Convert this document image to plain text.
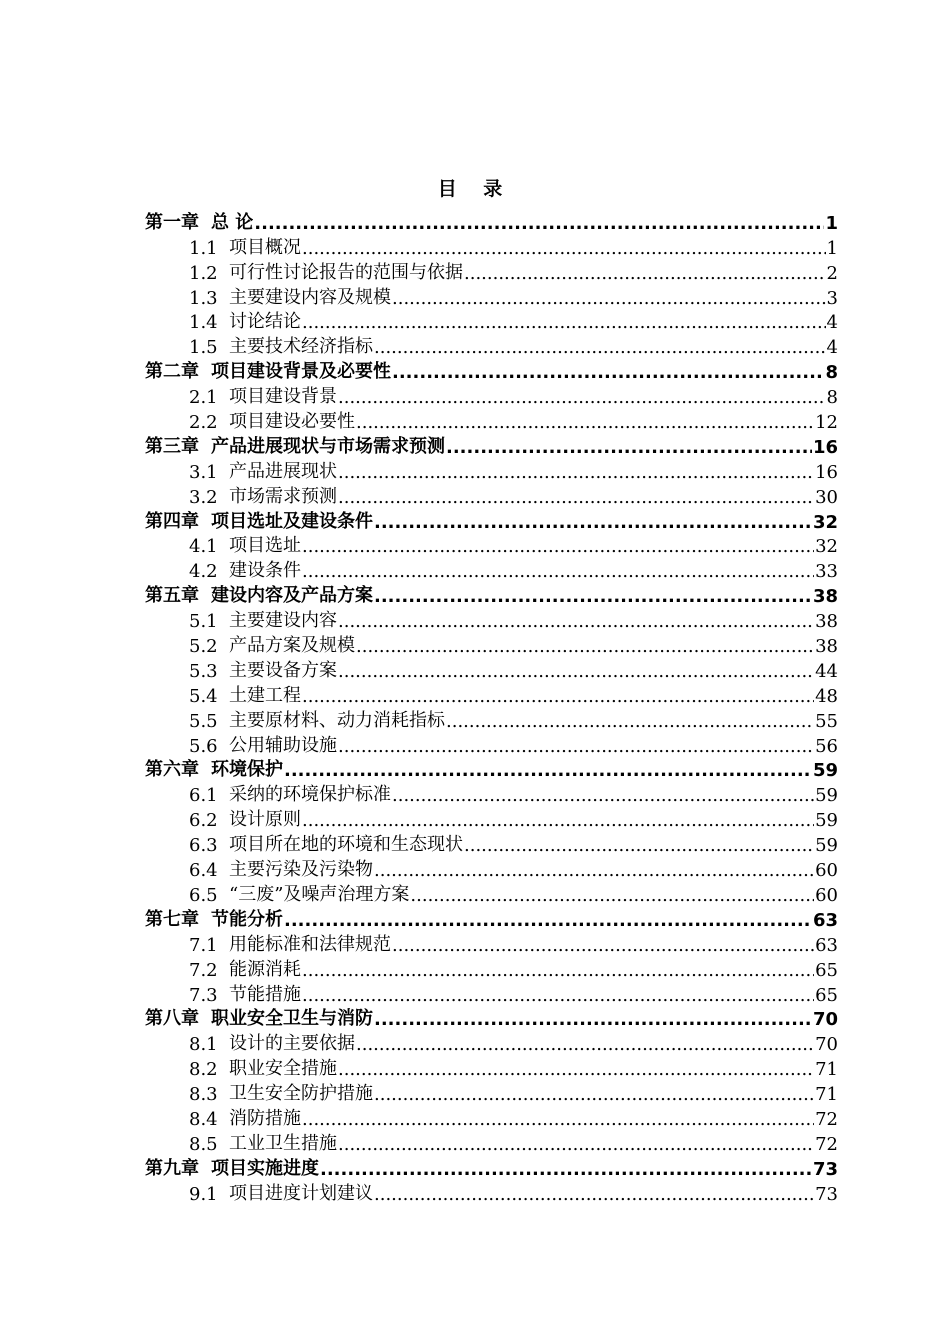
目 录
第一章 总 论 .....	1
1.1 项目概况 .....	1
1.2 可行性讨论报告的范围与依据 .....	2
1.3 主要建设内容及规模 .....	3
1.4 讨论结论 .....	4
1.5 主要技术经济指标 .....	4
第二章 项目建设背景及必要性 .....	8
2.1 项目建设背景 .....	8
2.2 项目建设必要性 .....	12
第三章 产品进展现状与市场需求预测 .....	16
3.1 产品进展现状 .....	16
3.2 市场需求预测 .....	30
第四章 项目选址及建设条件 .....	32
4.1 项目选址 .....	32
4.2 建设条件 .....	33
第五章 建设内容及产品方案 .....	38
5.1 主要建设内容 .....	38
5.2 产品方案及规模 .....	38
5.3 主要设备方案 .....	44
5.4 土建工程 .....	48
5.5 主要原材料、动力消耗指标 .....	55
5.6 公用辅助设施 .....	56
第六章 环境保护 .....	59
6.1 采纳的环境保护标准 .....	59
6.2 设计原则 .....	59
6.3 项目所在地的环境和生态现状 .....	59
6.4 主要污染及污染物 .....	60
6.5 “三废”及噪声治理方案 .....	60
第七章 节能分析 .....	63
7.1 用能标准和法律规范 .....	63
7.2 能源消耗 .....	65
7.3 节能措施 .....	65
第八章 职业安全卫生与消防 .....	70
8.1 设计的主要依据 .....	70
8.2 职业安全措施 .....	71
8.3 卫生安全防护措施 .....	71
8.4 消防措施 .....	72
8.5 工业卫生措施 .....	72
第九章 项目实施进度 .....	73
9.1 项目进度计划建议 .....	73
